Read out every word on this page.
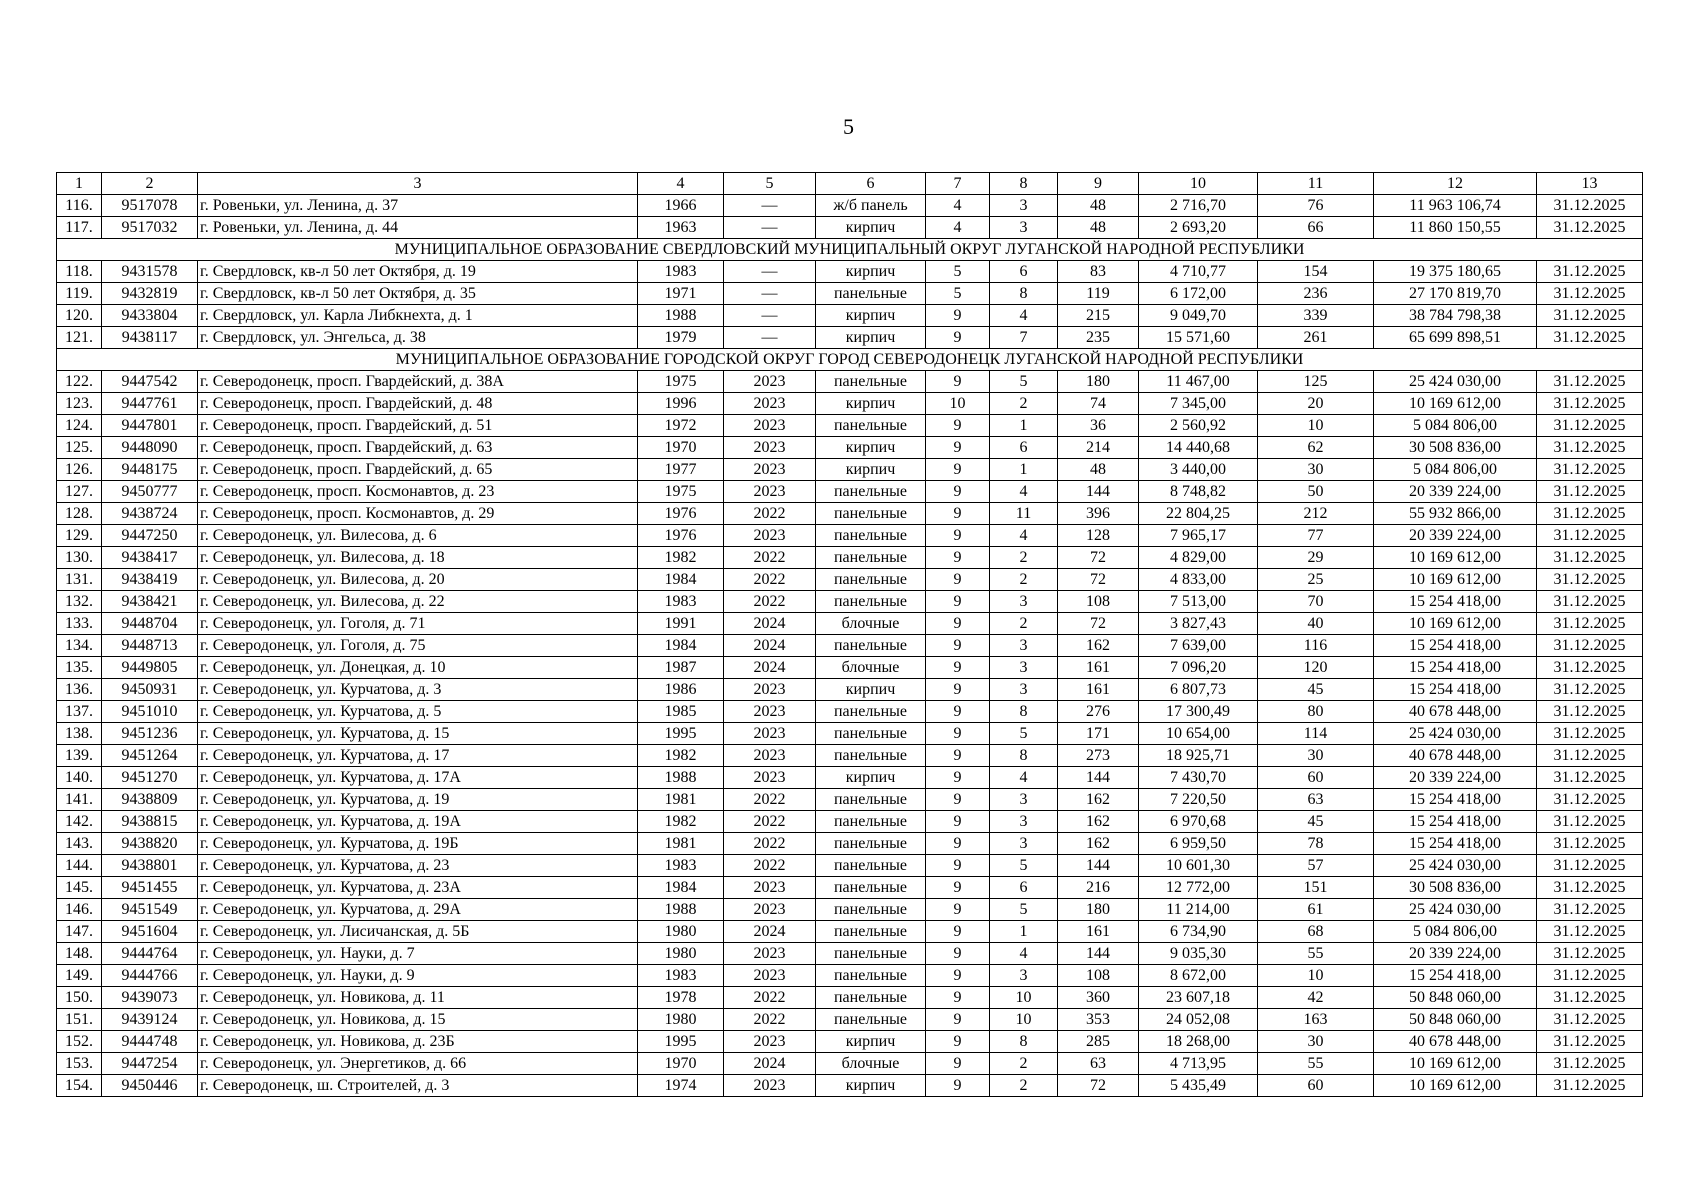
5
1	2	3	4	5	6	7	8	9	10	11	12	13
116.	9517078	г. Ровеньки, ул. Ленина, д. 37	1966	—	ж/б панель	4	3	48	2 716,70	76	11 963 106,74	31.12.2025
117.	9517032	г. Ровеньки, ул. Ленина, д. 44	1963	—	кирпич	4	3	48	2 693,20	66	11 860 150,55	31.12.2025
МУНИЦИПАЛЬНОЕ ОБРАЗОВАНИЕ СВЕРДЛОВСКИЙ МУНИЦИПАЛЬНЫЙ ОКРУГ ЛУГАНСКОЙ НАРОДНОЙ РЕСПУБЛИКИ												
118.	9431578	г. Свердловск, кв-л 50 лет Октября, д. 19	1983	—	кирпич	5	6	83	4 710,77	154	19 375 180,65	31.12.2025
119.	9432819	г. Свердловск, кв-л 50 лет Октября, д. 35	1971	—	панельные	5	8	119	6 172,00	236	27 170 819,70	31.12.2025
120.	9433804	г. Свердловск, ул. Карла Либкнехта, д. 1	1988	—	кирпич	9	4	215	9 049,70	339	38 784 798,38	31.12.2025
121.	9438117	г. Свердловск, ул. Энгельса, д. 38	1979	—	кирпич	9	7	235	15 571,60	261	65 699 898,51	31.12.2025
МУНИЦИПАЛЬНОЕ ОБРАЗОВАНИЕ ГОРОДСКОЙ ОКРУГ ГОРОД СЕВЕРОДОНЕЦК ЛУГАНСКОЙ НАРОДНОЙ РЕСПУБЛИКИ												
122.	9447542	г. Северодонецк, просп. Гвардейский, д. 38А	1975	2023	панельные	9	5	180	11 467,00	125	25 424 030,00	31.12.2025
123.	9447761	г. Северодонецк, просп. Гвардейский, д. 48	1996	2023	кирпич	10	2	74	7 345,00	20	10 169 612,00	31.12.2025
124.	9447801	г. Северодонецк, просп. Гвардейский, д. 51	1972	2023	панельные	9	1	36	2 560,92	10	5 084 806,00	31.12.2025
125.	9448090	г. Северодонецк, просп. Гвардейский, д. 63	1970	2023	кирпич	9	6	214	14 440,68	62	30 508 836,00	31.12.2025
126.	9448175	г. Северодонецк, просп. Гвардейский, д. 65	1977	2023	кирпич	9	1	48	3 440,00	30	5 084 806,00	31.12.2025
127.	9450777	г. Северодонецк, просп. Космонавтов, д. 23	1975	2023	панельные	9	4	144	8 748,82	50	20 339 224,00	31.12.2025
128.	9438724	г. Северодонецк, просп. Космонавтов, д. 29	1976	2022	панельные	9	11	396	22 804,25	212	55 932 866,00	31.12.2025
129.	9447250	г. Северодонецк, ул. Вилесова, д. 6	1976	2023	панельные	9	4	128	7 965,17	77	20 339 224,00	31.12.2025
130.	9438417	г. Северодонецк, ул. Вилесова, д. 18	1982	2022	панельные	9	2	72	4 829,00	29	10 169 612,00	31.12.2025
131.	9438419	г. Северодонецк, ул. Вилесова, д. 20	1984	2022	панельные	9	2	72	4 833,00	25	10 169 612,00	31.12.2025
132.	9438421	г. Северодонецк, ул. Вилесова, д. 22	1983	2022	панельные	9	3	108	7 513,00	70	15 254 418,00	31.12.2025
133.	9448704	г. Северодонецк, ул. Гоголя, д. 71	1991	2024	блочные	9	2	72	3 827,43	40	10 169 612,00	31.12.2025
134.	9448713	г. Северодонецк, ул. Гоголя, д. 75	1984	2024	панельные	9	3	162	7 639,00	116	15 254 418,00	31.12.2025
135.	9449805	г. Северодонецк, ул. Донецкая, д. 10	1987	2024	блочные	9	3	161	7 096,20	120	15 254 418,00	31.12.2025
136.	9450931	г. Северодонецк, ул. Курчатова, д. 3	1986	2023	кирпич	9	3	161	6 807,73	45	15 254 418,00	31.12.2025
137.	9451010	г. Северодонецк, ул. Курчатова, д. 5	1985	2023	панельные	9	8	276	17 300,49	80	40 678 448,00	31.12.2025
138.	9451236	г. Северодонецк, ул. Курчатова, д. 15	1995	2023	панельные	9	5	171	10 654,00	114	25 424 030,00	31.12.2025
139.	9451264	г. Северодонецк, ул. Курчатова, д. 17	1982	2023	панельные	9	8	273	18 925,71	30	40 678 448,00	31.12.2025
140.	9451270	г. Северодонецк, ул. Курчатова, д. 17А	1988	2023	кирпич	9	4	144	7 430,70	60	20 339 224,00	31.12.2025
141.	9438809	г. Северодонецк, ул. Курчатова, д. 19	1981	2022	панельные	9	3	162	7 220,50	63	15 254 418,00	31.12.2025
142.	9438815	г. Северодонецк, ул. Курчатова, д. 19А	1982	2022	панельные	9	3	162	6 970,68	45	15 254 418,00	31.12.2025
143.	9438820	г. Северодонецк, ул. Курчатова, д. 19Б	1981	2022	панельные	9	3	162	6 959,50	78	15 254 418,00	31.12.2025
144.	9438801	г. Северодонецк, ул. Курчатова, д. 23	1983	2022	панельные	9	5	144	10 601,30	57	25 424 030,00	31.12.2025
145.	9451455	г. Северодонецк, ул. Курчатова, д. 23А	1984	2023	панельные	9	6	216	12 772,00	151	30 508 836,00	31.12.2025
146.	9451549	г. Северодонецк, ул. Курчатова, д. 29А	1988	2023	панельные	9	5	180	11 214,00	61	25 424 030,00	31.12.2025
147.	9451604	г. Северодонецк, ул. Лисичанская, д. 5Б	1980	2024	панельные	9	1	161	6 734,90	68	5 084 806,00	31.12.2025
148.	9444764	г. Северодонецк, ул. Науки, д. 7	1980	2023	панельные	9	4	144	9 035,30	55	20 339 224,00	31.12.2025
149.	9444766	г. Северодонецк, ул. Науки, д. 9	1983	2023	панельные	9	3	108	8 672,00	10	15 254 418,00	31.12.2025
150.	9439073	г. Северодонецк, ул. Новикова, д. 11	1978	2022	панельные	9	10	360	23 607,18	42	50 848 060,00	31.12.2025
151.	9439124	г. Северодонецк, ул. Новикова, д. 15	1980	2022	панельные	9	10	353	24 052,08	163	50 848 060,00	31.12.2025
152.	9444748	г. Северодонецк, ул. Новикова, д. 23Б	1995	2023	кирпич	9	8	285	18 268,00	30	40 678 448,00	31.12.2025
153.	9447254	г. Северодонецк, ул. Энергетиков, д. 66	1970	2024	блочные	9	2	63	4 713,95	55	10 169 612,00	31.12.2025
154.	9450446	г. Северодонецк, ш. Строителей, д. 3	1974	2023	кирпич	9	2	72	5 435,49	60	10 169 612,00	31.12.2025
